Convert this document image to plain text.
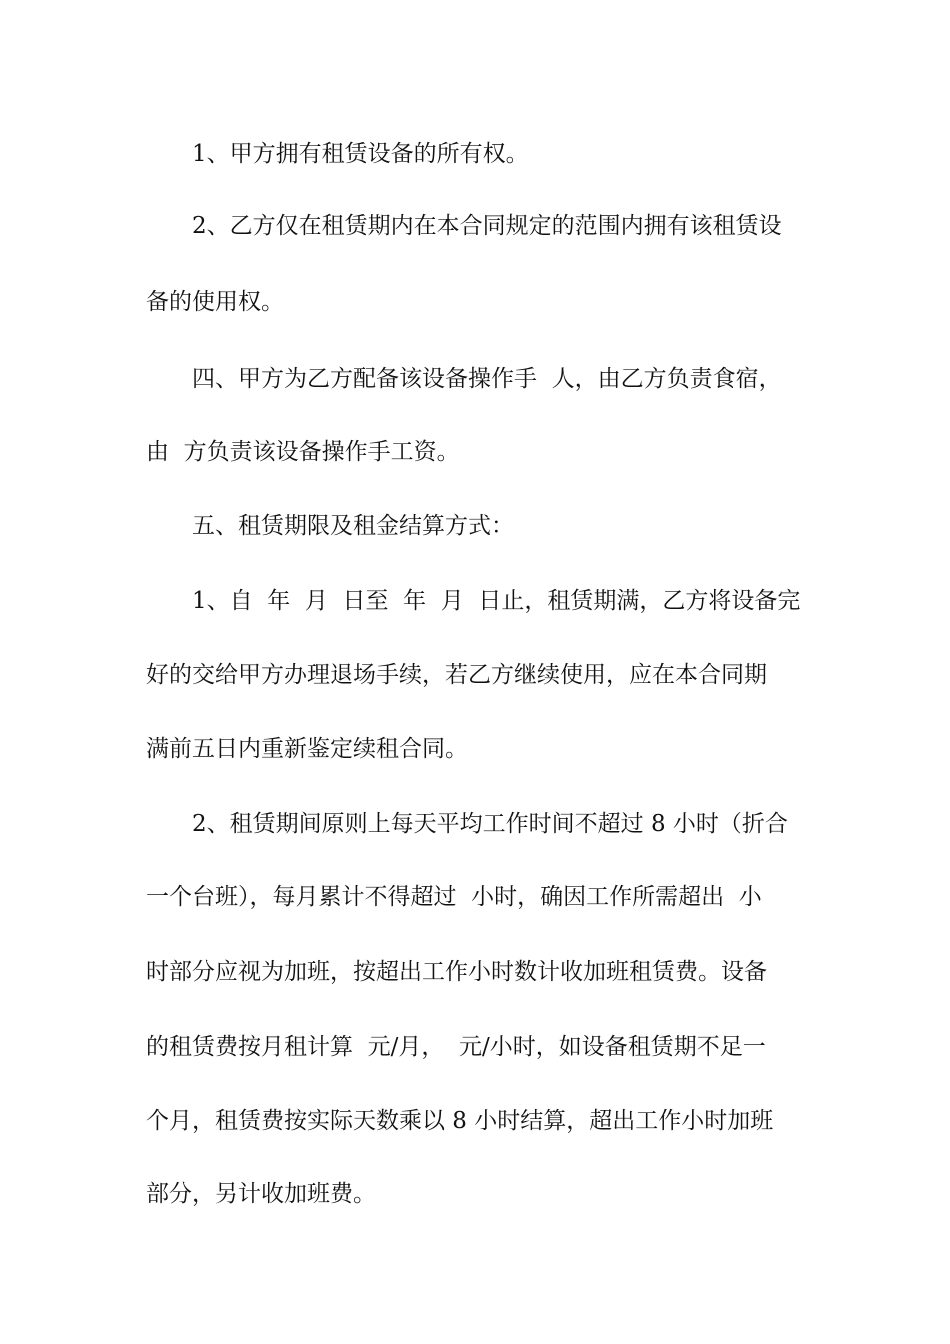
1、甲方拥有租赁设备的所有权。
2、乙方仅在租赁期内在本合同规定的范围内拥有该租赁设
备的使用权。
四、甲方为乙方配备该设备操作手  人，由乙方负责食宿，
由  方负责该设备操作手工资。
五、租赁期限及租金结算方式：
1、自  年  月  日至  年  月  日止，租赁期满，乙方将设备完
好的交给甲方办理退场手续，若乙方继续使用，应在本合同期
满前五日内重新鉴定续租合同。
2、租赁期间原则上每天平均工作时间不超过 8 小时（折合
一个台班），每月累计不得超过  小时，确因工作所需超出  小
时部分应视为加班，按超出工作小时数计收加班租赁费。设备
的租赁费按月租计算  元/月，  元/小时，如设备租赁期不足一
个月，租赁费按实际天数乘以 8 小时结算，超出工作小时加班
部分，另计收加班费。
